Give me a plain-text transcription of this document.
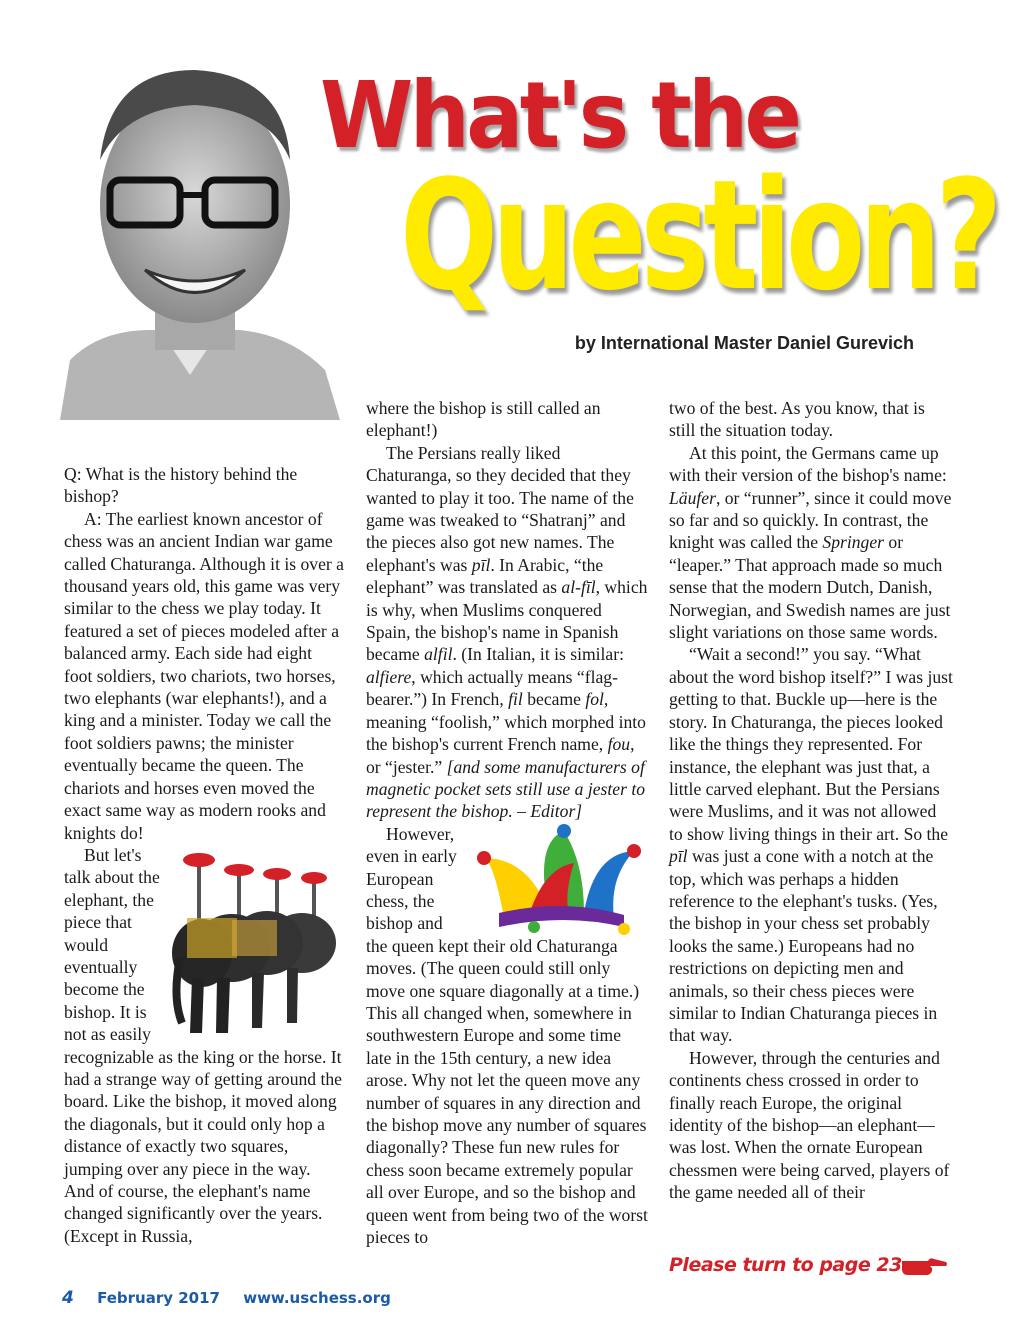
What's the
Question?
by International Master Daniel Gurevich

Q: What is the history behind the bishop?

A: The earliest known ancestor of chess was an ancient Indian war game called Chaturanga. Although it is over a thousand years old, this game was very similar to the chess we play today. It featured a set of pieces modeled after a balanced army. Each side had eight foot soldiers, two chariots, two horses, two elephants (war elephants!), and a king and a minister. Today we call the foot soldiers pawns; the minister eventually became the queen. The chariots and horses even moved the exact same way as modern rooks and knights do!

But let's talk about the elephant, the piece that would eventually become the bishop. It is not as easily recognizable as the king or the horse. It had a strange way of getting around the board. Like the bishop, it moved along the diagonals, but it could only hop a distance of exactly two squares, jumping over any piece in the way. And of course, the elephant's name changed significantly over the years. (Except in Russia,

where the bishop is still called an elephant!)

The Persians really liked Chaturanga, so they decided that they wanted to play it too. The name of the game was tweaked to “Shatranj” and the pieces also got new names. The elephant's was pīl. In Arabic, “the elephant” was translated as al-fīl, which is why, when Muslims conquered Spain, the bishop's name in Spanish became alfil. (In Italian, it is similar: alfiere, which actually means “flag-bearer.”) In French, fil became fol, meaning “foolish,” which morphed into the bishop's current French name, fou, or “jester.” [and some manufacturers of magnetic pocket sets still use a jester to represent the bishop. – Editor]

However, even in early European chess, the bishop and the queen kept their old Chaturanga moves. (The queen could still only move one square diagonally at a time.) This all changed when, somewhere in southwestern Europe and some time late in the 15th century, a new idea arose. Why not let the queen move any number of squares in any direction and the bishop move any number of squares diagonally? These fun new rules for chess soon became extremely popular all over Europe, and so the bishop and queen went from being two of the worst pieces to

two of the best. As you know, that is still the situation today.

At this point, the Germans came up with their version of the bishop's name: Läufer, or “runner”, since it could move so far and so quickly. In contrast, the knight was called the Springer or “leaper.” That approach made so much sense that the modern Dutch, Danish, Norwegian, and Swedish names are just slight variations on those same words.

“Wait a second!” you say. “What about the word bishop itself?” I was just getting to that. Buckle up—here is the story. In Chaturanga, the pieces looked like the things they represented. For instance, the elephant was just that, a little carved elephant. But the Persians were Muslims, and it was not allowed to show living things in their art. So the pīl was just a cone with a notch at the top, which was perhaps a hidden reference to the elephant's tusks. (Yes, the bishop in your chess set probably looks the same.) Europeans had no restrictions on depicting men and animals, so their chess pieces were similar to Indian Chaturanga pieces in that way.

However, through the centuries and continents chess crossed in order to finally reach Europe, the original identity of the bishop—an elephant—was lost. When the ornate European chessmen were being carved, players of the game needed all of their

Please turn to page 23
4 February 2017 www.uschess.org
